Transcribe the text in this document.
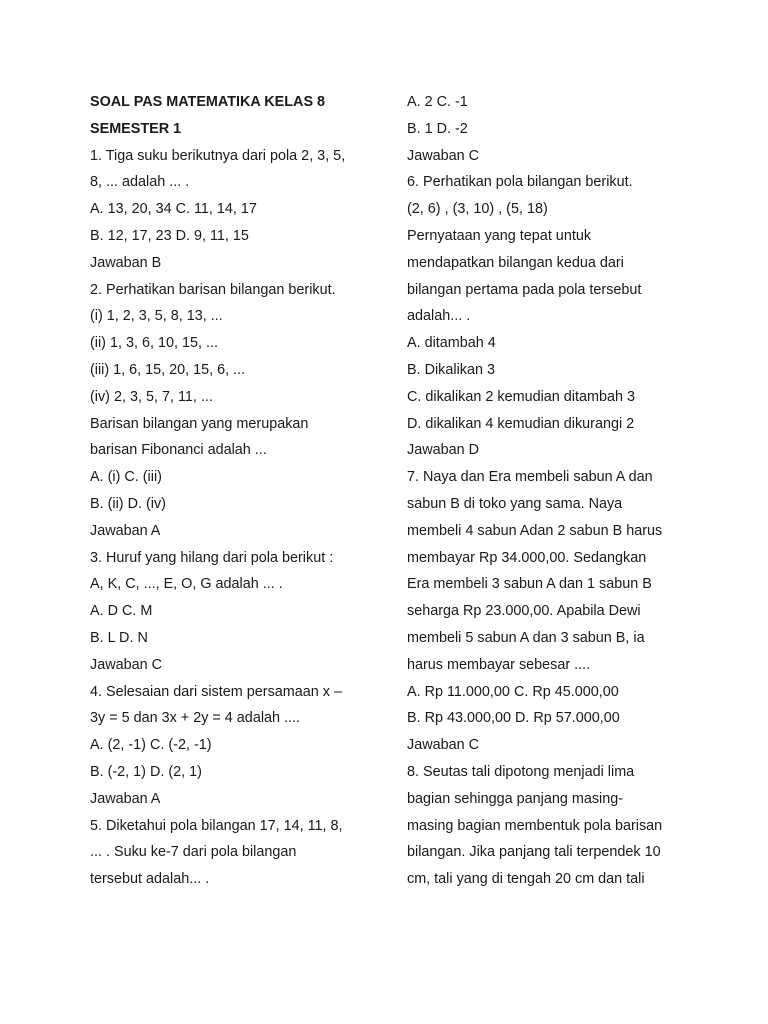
SOAL PAS MATEMATIKA KELAS 8
SEMESTER 1
1. Tiga suku berikutnya dari pola 2, 3, 5,
8, ... adalah ... .
A. 13, 20, 34 C. 11, 14, 17
B. 12, 17, 23 D. 9, 11, 15
Jawaban B
2. Perhatikan barisan bilangan berikut.
(i) 1, 2, 3, 5, 8, 13, ...
(ii) 1, 3, 6, 10, 15, ...
(iii) 1, 6, 15, 20, 15, 6, ...
(iv) 2, 3, 5, 7, 11, ...
Barisan bilangan yang merupakan
barisan Fibonanci adalah ...
A. (i) C. (iii)
B. (ii) D. (iv)
Jawaban A
3. Huruf yang hilang dari pola berikut :
A, K, C, ..., E, O, G adalah ... .
A. D C. M
B. L D. N
Jawaban C
4. Selesaian dari sistem persamaan x –
3y = 5 dan 3x + 2y = 4 adalah ....
A. (2, -1) C. (-2, -1)
B. (-2, 1) D. (2, 1)
Jawaban A
5. Diketahui pola bilangan 17, 14, 11, 8,
... . Suku ke-7 dari pola bilangan
tersebut adalah... .
A. 2 C. -1
B. 1 D. -2
Jawaban C
6. Perhatikan pola bilangan berikut.
(2, 6) , (3, 10) , (5, 18)
Pernyataan yang tepat untuk
mendapatkan bilangan kedua dari
bilangan pertama pada pola tersebut
adalah... .
A. ditambah 4
B. Dikalikan 3
C. dikalikan 2 kemudian ditambah 3
D. dikalikan 4 kemudian dikurangi 2
Jawaban D
7. Naya dan Era membeli sabun A dan
sabun B di toko yang sama. Naya
membeli 4 sabun Adan 2 sabun B harus
membayar Rp 34.000,00. Sedangkan
Era membeli 3 sabun A dan 1 sabun B
seharga Rp 23.000,00. Apabila Dewi
membeli 5 sabun A dan 3 sabun B, ia
harus membayar sebesar ....
A. Rp 11.000,00 C. Rp 45.000,00
B. Rp 43.000,00 D. Rp 57.000,00
Jawaban C
8. Seutas tali dipotong menjadi lima
bagian sehingga panjang masing-
masing bagian membentuk pola barisan
bilangan. Jika panjang tali terpendek 10
cm, tali yang di tengah 20 cm dan tali
